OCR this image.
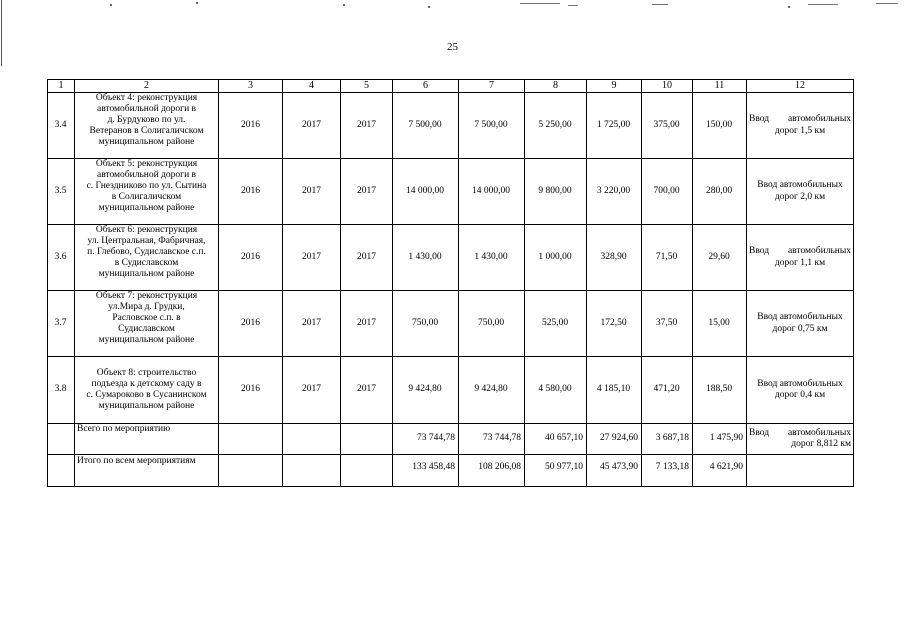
25
1	2	3	4	5	6	7	8	9	10	11	12
3.4	Объект 4: реконструкция
автомобильной дороги в
д. Бурдуково по ул.
Ветеранов в Солигаличском
муниципальном районе	2016	2017	2017	7 500,00	7 500,00	5 250,00	1 725,00	375,00	150,00	Ввод автомобильных
дорог 1,5 км

3.5	Объект 5: реконструкция
автомобильной дороги в
с. Гнездниково по ул. Сытина
в Солигаличском
муниципальном районе	2016	2017	2017	14 000,00	14 000,00	9 800,00	3 220,00	700,00	280,00	Ввод автомобильных
дорог 2,0 км

3.6	Объект 6: реконструкция
ул. Центральная, Фабричная,
п. Глебово, Судиславское с.п.
в Судиславском
муниципальном районе	2016	2017	2017	1 430,00	1 430,00	1 000,00	328,90	71,50	29,60	Ввод автомобильных
дорог 1,1 км

3.7	Объект 7: реконструкция
ул.Мира д. Грудки,
Расловское с.п. в
Судиславском
муниципальном районе	2016	2017	2017	750,00	750,00	525,00	172,50	37,50	15,00	Ввод автомобильных
дорог 0,75 км

3.8	Объект 8: строительство
подъезда к детскому саду в
с. Сумароково в Сусанинском
муниципальном районе	2016	2017	2017	9 424,80	9 424,80	4 580,00	4 185,10	471,20	188,50	Ввод автомобильных
дорог 0,4 км

	Всего по мероприятию				73 744,78	73 744,78	40 657,10	27 924,60	3 687,18	1 475,90	Ввод автомобильных
дорог 8,812 км

	Итого по всем мероприятиям				133 458,48	108 206,08	50 977,10	45 473,90	7 133,18	4 621,90	
